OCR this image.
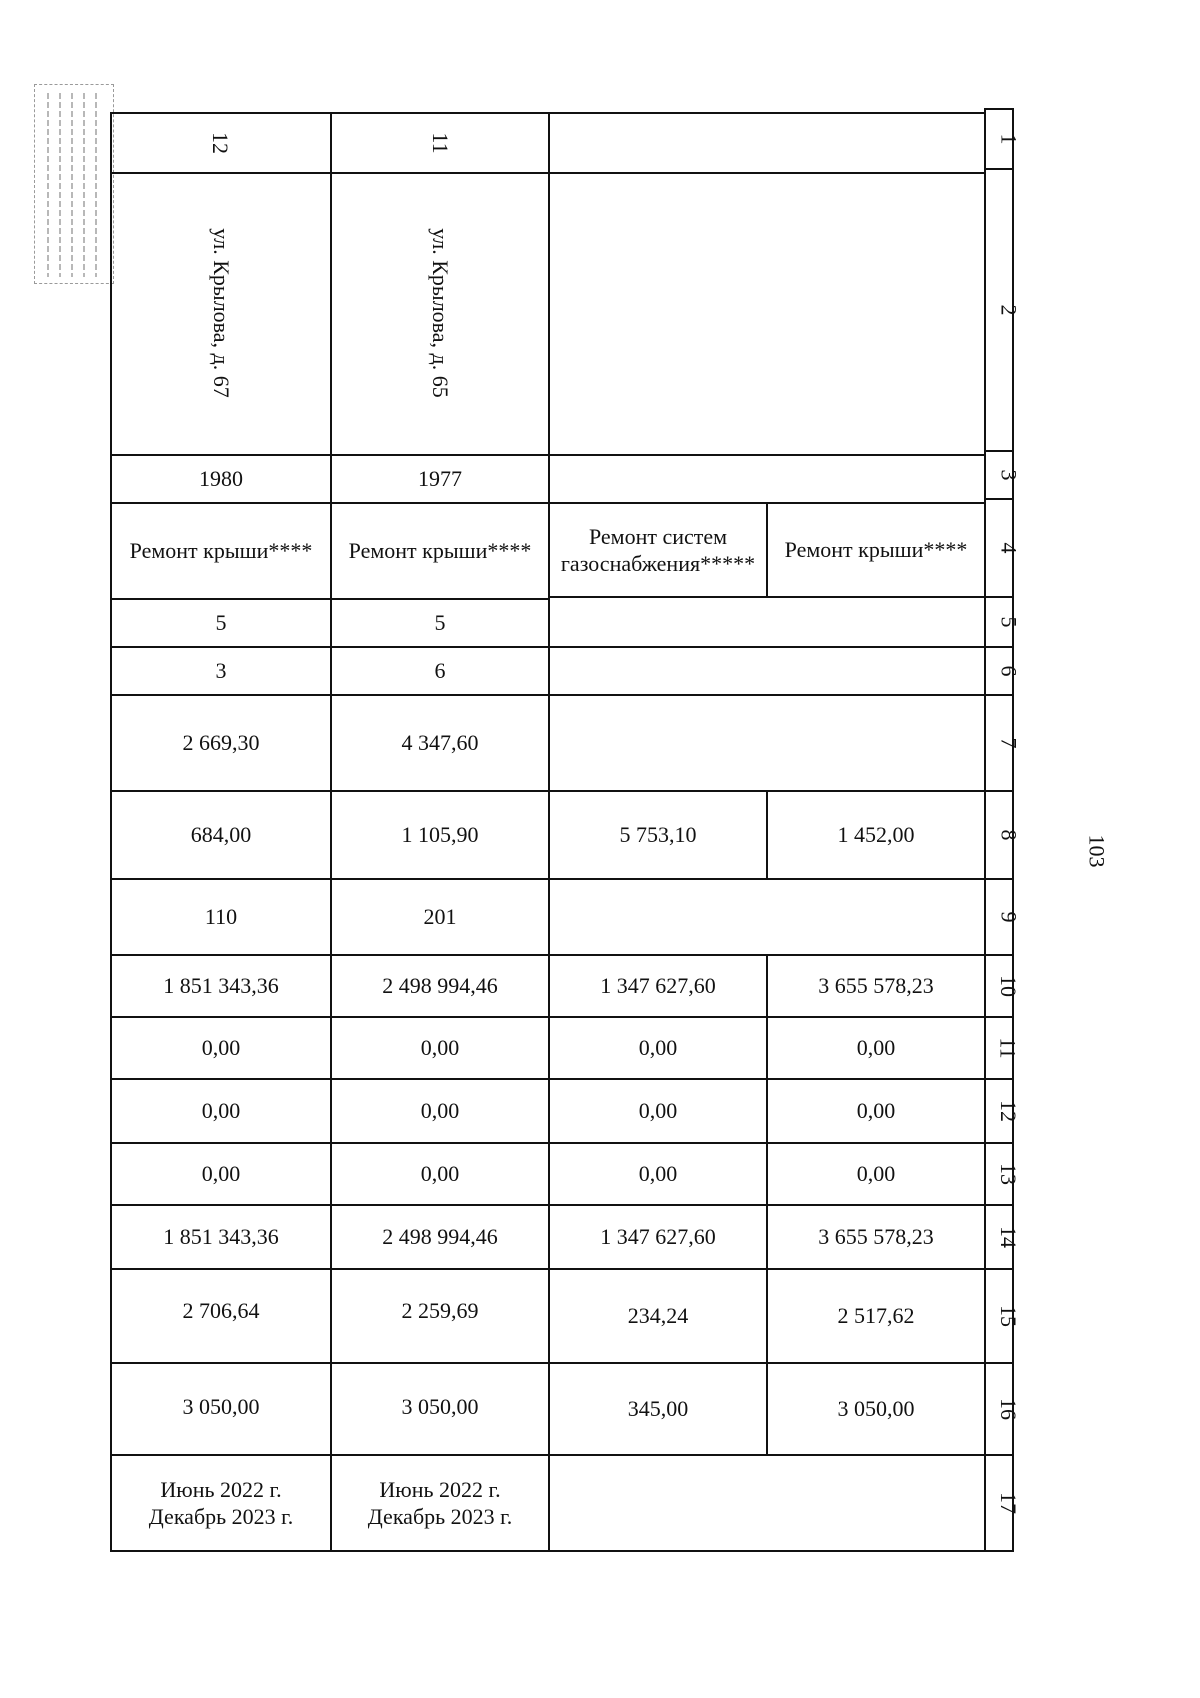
103
12
ул. Крылова, д. 67
1980
Ремонт крыши****
5
3
2 669,30
684,00
110
1 851 343,36
0,00
0,00
0,00
1 851 343,36
2 706,64
3 050,00
Июнь 2022 г.
Декабрь 2023 г.
11
ул. Крылова, д. 65
1977
Ремонт крыши****
5
6
4 347,60
1 105,90
201
2 498 994,46
0,00
0,00
0,00
2 498 994,46
2 259,69
3 050,00
Июнь 2022 г.
Декабрь 2023 г.
Ремонт систем
газоснабжения*****
5 753,10
1 347 627,60
0,00
0,00
0,00
1 347 627,60
234,24
345,00
Ремонт крыши****
1 452,00
3 655 578,23
0,00
0,00
0,00
3 655 578,23
2 517,62
3 050,00
1
2
3
4
5
6
7
8
9
10
11
12
13
14
15
16
17
